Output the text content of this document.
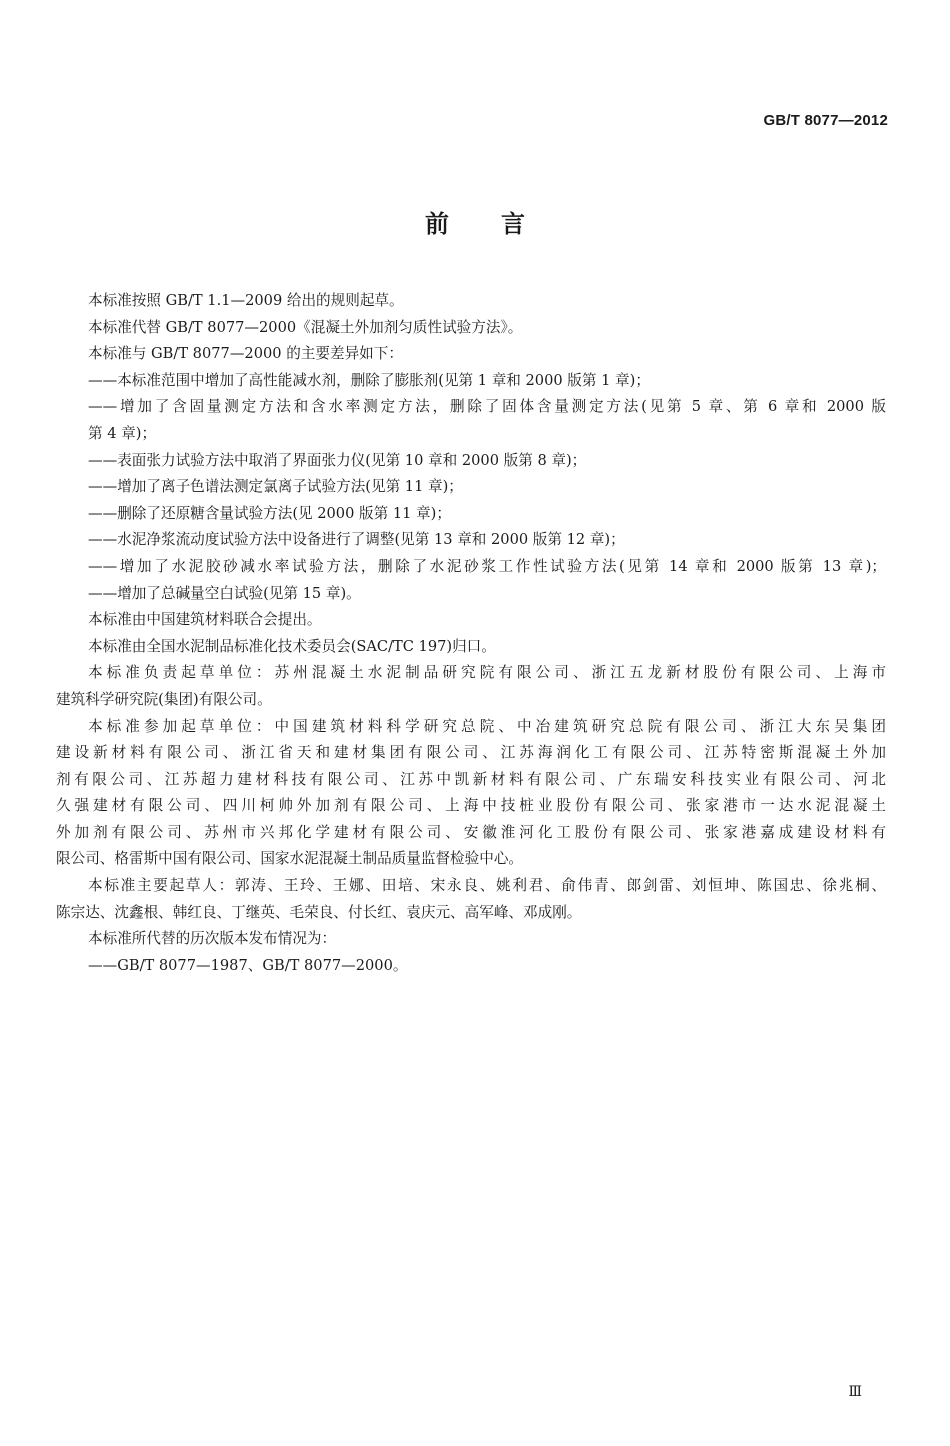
GB/T 8077—2012

前言

本标准按照 GB/T 1.1—2009 给出的规则起草。

本标准代替 GB/T 8077—2000《混凝土外加剂匀质性试验方法》。

本标准与 GB/T 8077—2000 的主要差异如下：

——本标准范围中增加了高性能减水剂，删除了膨胀剂(见第 1 章和 2000 版第 1 章)；

——增加了含固量测定方法和含水率测定方法，删除了固体含量测定方法(见第 5 章、第 6 章和 2000 版

第 4 章)；

——表面张力试验方法中取消了界面张力仪(见第 10 章和 2000 版第 8 章)；

——增加了离子色谱法测定氯离子试验方法(见第 11 章)；

——删除了还原糖含量试验方法(见 2000 版第 11 章)；

——水泥净浆流动度试验方法中设备进行了调整(见第 13 章和 2000 版第 12 章)；

——增加了水泥胶砂减水率试验方法，删除了水泥砂浆工作性试验方法(见第 14 章和 2000 版第 13 章)；

——增加了总碱量空白试验(见第 15 章)。

本标准由中国建筑材料联合会提出。

本标准由全国水泥制品标准化技术委员会(SAC/TC 197)归口。

本标准负责起草单位：苏州混凝土水泥制品研究院有限公司、浙江五龙新材股份有限公司、上海市

建筑科学研究院(集团)有限公司。

本标准参加起草单位：中国建筑材料科学研究总院、中冶建筑研究总院有限公司、浙江大东吴集团

建设新材料有限公司、浙江省天和建材集团有限公司、江苏海润化工有限公司、江苏特密斯混凝土外加

剂有限公司、江苏超力建材科技有限公司、江苏中凯新材料有限公司、广东瑞安科技实业有限公司、河北

久强建材有限公司、四川柯帅外加剂有限公司、上海中技桩业股份有限公司、张家港市一达水泥混凝土

外加剂有限公司、苏州市兴邦化学建材有限公司、安徽淮河化工股份有限公司、张家港嘉成建设材料有

限公司、格雷斯中国有限公司、国家水泥混凝土制品质量监督检验中心。

本标准主要起草人：郭涛、王玲、王娜、田培、宋永良、姚利君、俞伟青、郎剑雷、刘恒坤、陈国忠、徐兆桐、

陈宗达、沈鑫根、韩红良、丁继英、毛荣良、付长红、袁庆元、高军峰、邓成刚。

本标准所代替的历次版本发布情况为：

——GB/T 8077—1987、GB/T 8077—2000。

Ⅲ
